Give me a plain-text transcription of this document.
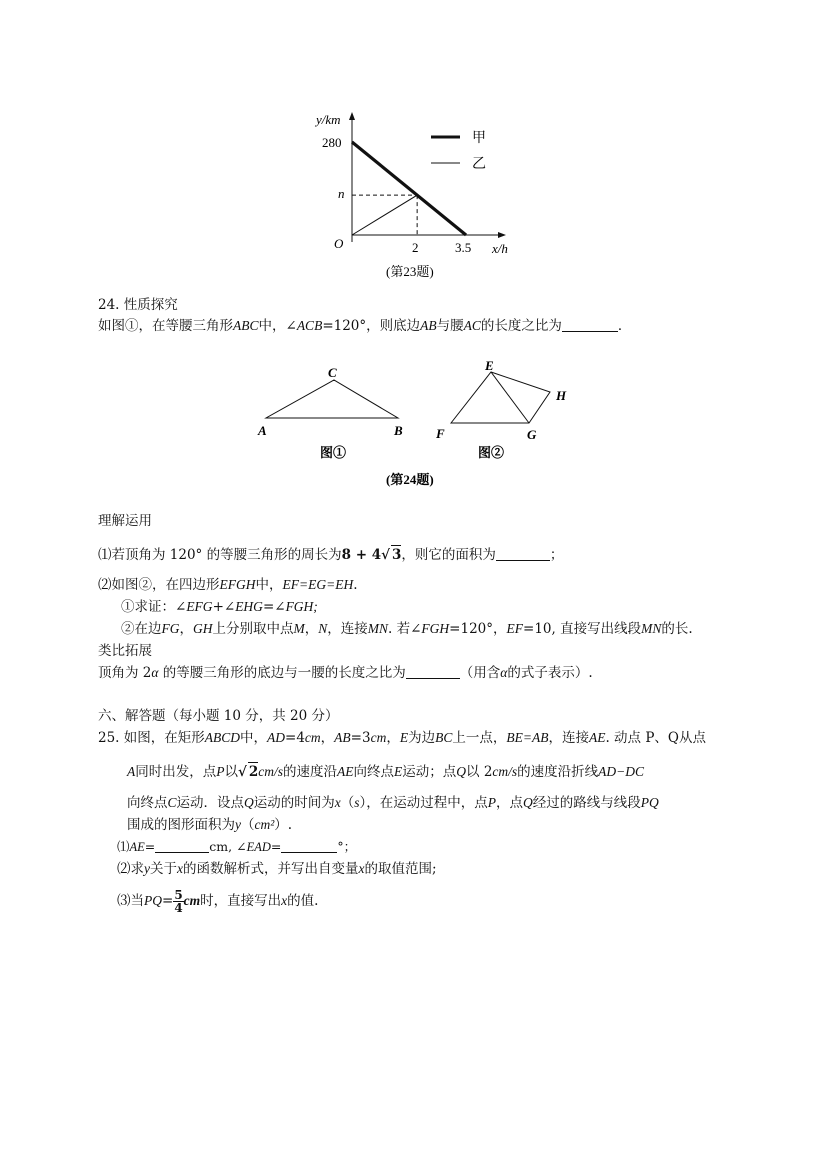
y/km
280
n
O	2	3.5 x/h
甲
乙
(第23题)
24. 性质探究
如图①，在等腰三角形ABC中，∠ACB=120°，则底边AB与腰AC的长度之比为	．
C
A	B
图①
E
H
F	G
图②
(第24题)
理解运用
⑴若顶角为 120° 的等腰三角形的周长为8 + 4√ 3，则它的面积为	；
⑵如图②，在四边形EFGH中，EF=EG=EH.
①求证：∠EFG+∠EHG=∠FGH;
②在边FG，GH上分别取中点M，N，连接MN. 若∠FGH=120°，EF=10, 直接写出线段MN的长.
类比拓展
顶角为 2α 的等腰三角形的底边与一腰的长度之比为	（用含α的式子表示）.
六、解答题（每小题 10 分，共 20 分）
25. 如图，在矩形ABCD中，AD=4cm，AB=3cm，E为边BC上一点，BE=AB，连接AE. 动点 P、Q从点
A同时出发，点P以√ 2cm/s的速度沿AE向终点E运动；点Q以 2cm/s的速度沿折线AD−DC
向终点C运动．设点Q运动的时间为x（s），在运动过程中，点P，点Q经过的路线与线段PQ
围成的图形面积为y（cm²）.
⑴AE=	cm, ∠EAD=	°；
⑵求y关于x的函数解析式，并写出自变量x的取值范围;
⑶当$PQ= \frac{5}{4}$ cm时，直接写出x的值.
